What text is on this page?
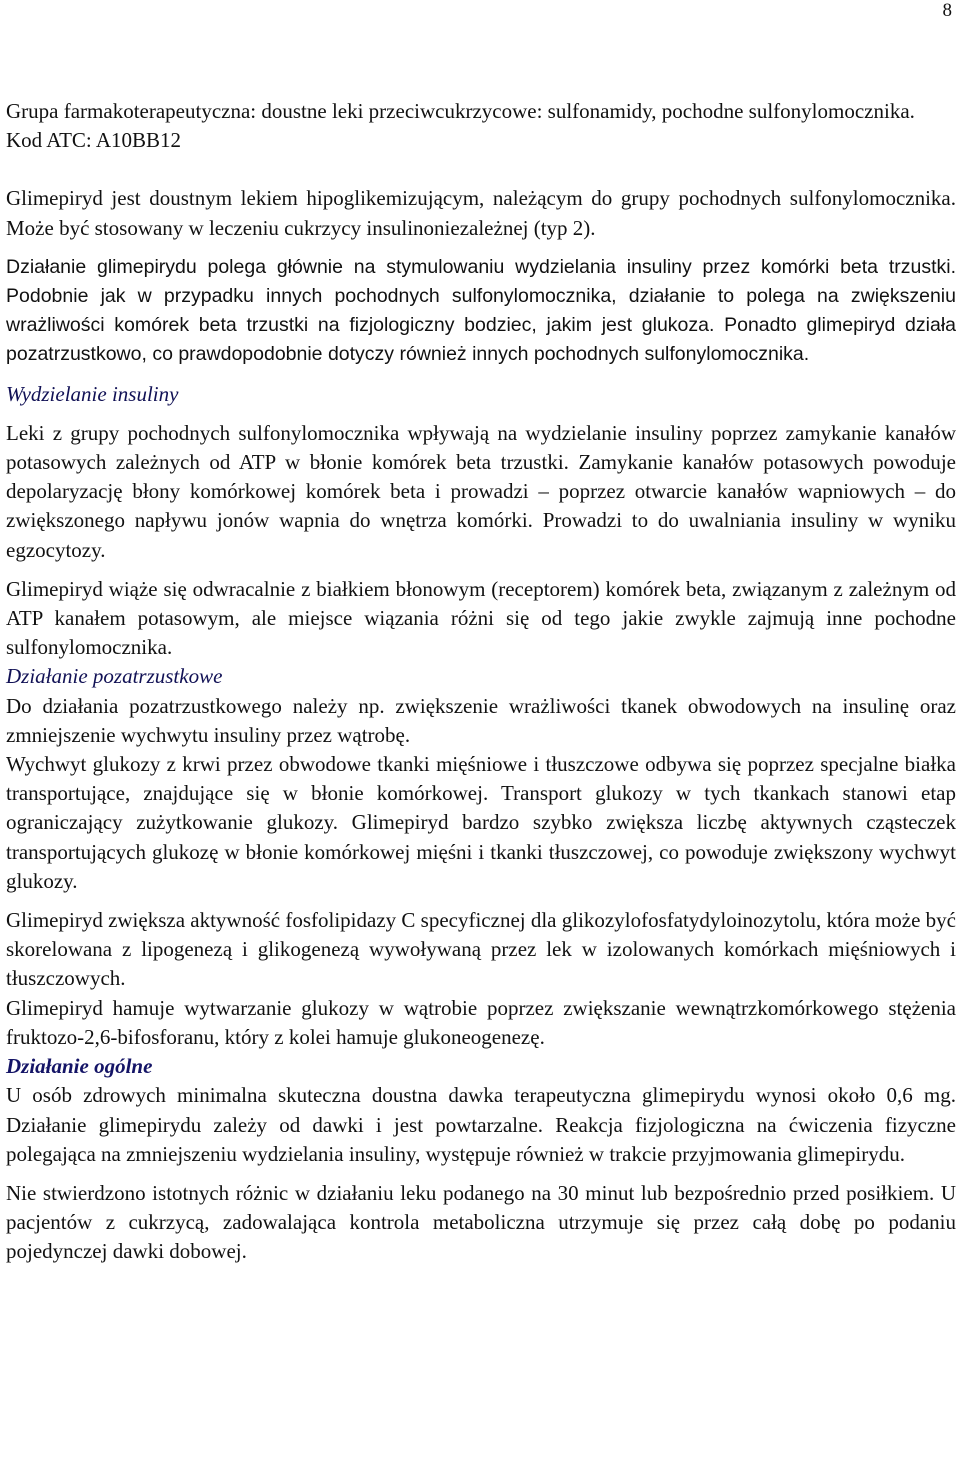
8

Grupa farmakoterapeutyczna: doustne leki przeciwcukrzycowe: sulfonamidy, pochodne sulfonylomocznika.

Kod ATC: A10BB12

Glimepiryd jest doustnym lekiem hipoglikemizującym, należącym do grupy pochodnych sulfonylomocznika. Może być stosowany w leczeniu cukrzycy insulinoniezależnej (typ 2).

Działanie glimepirydu polega głównie na stymulowaniu wydzielania insuliny przez komórki beta trzustki. Podobnie jak w przypadku innych pochodnych sulfonylomocznika, działanie to polega na zwiększeniu wrażliwości komórek beta trzustki na fizjologiczny bodziec, jakim jest glukoza. Ponadto glimepiryd działa pozatrzustkowo, co prawdopodobnie dotyczy również innych pochodnych sulfonylomocznika.

Wydzielanie insuliny

Leki z grupy pochodnych sulfonylomocznika wpływają na wydzielanie insuliny poprzez zamykanie kanałów potasowych zależnych od ATP w błonie komórek beta trzustki. Zamykanie kanałów potasowych powoduje depolaryzację błony komórkowej komórek beta i prowadzi – poprzez otwarcie kanałów wapniowych – do zwiększonego napływu jonów wapnia do wnętrza komórki. Prowadzi to do uwalniania insuliny w wyniku egzocytozy.

Glimepiryd wiąże się odwracalnie z białkiem błonowym (receptorem) komórek beta, związanym z zależnym od ATP kanałem potasowym, ale miejsce wiązania różni się od tego jakie zwykle zajmują inne pochodne sulfonylomocznika.

Działanie pozatrzustkowe

Do działania pozatrzustkowego należy np. zwiększenie wrażliwości tkanek obwodowych na insulinę oraz zmniejszenie wychwytu insuliny przez wątrobę.

Wychwyt glukozy z krwi przez obwodowe tkanki mięśniowe i tłuszczowe odbywa się poprzez specjalne białka transportujące, znajdujące się w błonie komórkowej. Transport glukozy w tych tkankach stanowi etap ograniczający zużytkowanie glukozy. Glimepiryd bardzo szybko zwiększa liczbę aktywnych cząsteczek transportujących glukozę w błonie komórkowej mięśni i tkanki tłuszczowej, co powoduje zwiększony wychwyt glukozy.

Glimepiryd zwiększa aktywność fosfolipidazy C specyficznej dla glikozylofosfatydyloinozytolu, która może być skorelowana z lipogenezą i glikogenezą wywoływaną przez lek w izolowanych komórkach mięśniowych i tłuszczowych.

Glimepiryd hamuje wytwarzanie glukozy w wątrobie poprzez zwiększanie wewnątrzkomórkowego stężenia fruktozo-2,6-bifosforanu, który z kolei hamuje glukoneogenezę.

Działanie ogólne

U osób zdrowych minimalna skuteczna doustna dawka terapeutyczna glimepirydu wynosi około 0,6 mg. Działanie glimepirydu zależy od dawki i jest powtarzalne. Reakcja fizjologiczna na ćwiczenia fizyczne polegająca na zmniejszeniu wydzielania insuliny, występuje również w trakcie przyjmowania glimepirydu.

Nie stwierdzono istotnych różnic w działaniu leku podanego na 30 minut lub bezpośrednio przed posiłkiem. U pacjentów z cukrzycą, zadowalająca kontrola metaboliczna utrzymuje się przez całą dobę po podaniu pojedynczej dawki dobowej.
